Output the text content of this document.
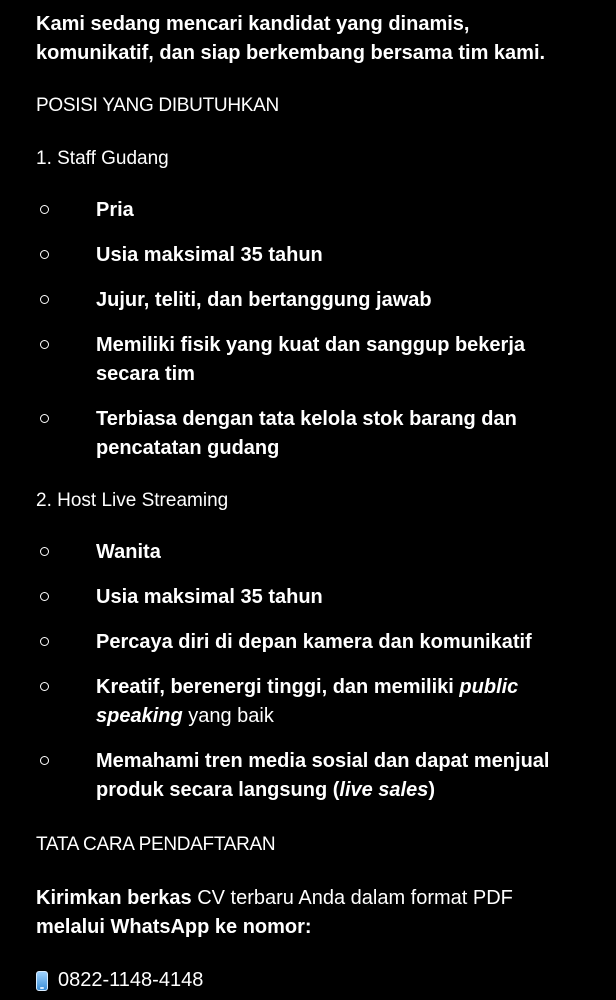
Kami sedang mencari kandidat yang dinamis,
komunikatif, dan siap berkembang bersama tim kami.

POSISI YANG DIBUTUHKAN

1. Staff Gudang

Pria
Usia maksimal 35 tahun
Jujur, teliti, dan bertanggung jawab
Memiliki fisik yang kuat dan sanggup bekerja secara tim
Terbiasa dengan tata kelola stok barang dan pencatatan gudang

2. Host Live Streaming

Wanita
Usia maksimal 35 tahun
Percaya diri di depan kamera dan komunikatif
Kreatif, berenergi tinggi, dan memiliki public speaking yang baik
Memahami tren media sosial dan dapat menjual produk secara langsung (live sales)

TATA CARA PENDAFTARAN

Kirimkan berkas CV terbaru Anda dalam format PDF melalui WhatsApp ke nomor:

0822-1148-4148
